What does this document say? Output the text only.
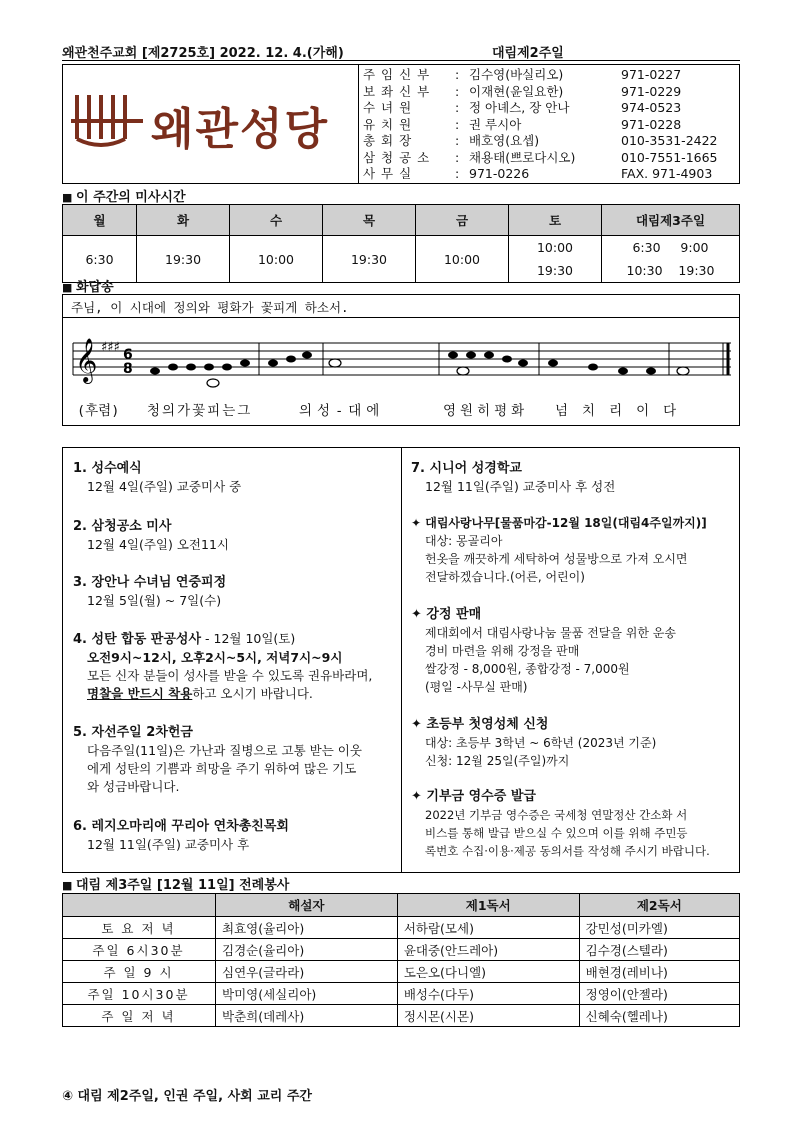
왜관천주교회 [제2725호] 2022. 12. 4.(가해)	대림제2주일
왜관성당
주 임 신 부	: 김수영(바실리오)	971-0227
보 좌 신 부	: 이재현(윤일요한)	971-0229
수 녀 원	: 정 아녜스, 장 안나	974-0523
유 치 원	: 권 루시아	971-0228
총 회 장	: 배호영(요셉)	010-3531-2422
삼 청 공 소	: 채용태(쁘로다시오)	010-7551-1665
사 무 실	: 971-0226	FAX. 971-4903
■ 이 주간의 미사시간
월	화	수	목	금	토	대림제3주일
6:30	19:30	10:00	19:30	10:00	10:00	6:30     9:00
					19:30	10:30    19:30
■ 화답송
주님, 이 시대에 정의와 평화가 꽃피게 하소서.
𝄞 ♯♯♯ 6
8
(후렴) 청의가꽃피는그	의성-대에	영원히평화 넘치리이다
1. 성수예식
12월 4일(주일) 교중미사 중
2. 삼청공소 미사
12월 4일(주일) 오전11시
3. 장안나 수녀님 연중피정
12월 5일(월) ~ 7일(수)
4. 성탄 합동 판공성사 - 12월 10일(토)
오전9시~12시, 오후2시~5시, 저녁7시~9시
모든 신자 분들이 성사를 받을 수 있도록 권유바라며,
명찰을 반드시 착용하고 오시기 바랍니다.
5. 자선주일 2차헌금
다음주일(11일)은 가난과 질병으로 고통 받는 이웃
에게 성탄의 기쁨과 희망을 주기 위하여 많은 기도
와 성금바랍니다.
6. 레지오마리애 꾸리아 연차총친목회
12월 11일(주일) 교중미사 후
7. 시니어 성경학교
12월 11일(주일) 교중미사 후 성전
✦ 대림사랑나무[물품마감-12월 18일(대림4주일까지)]
대상: 몽골리아
헌옷을 깨끗하게 세탁하여 성물방으로 가져 오시면
전달하겠습니다.(어른, 어린이)
✦ 강정 판매
제대회에서 대림사랑나눔 물품 전달을 위한 운송
경비 마련을 위해 강정을 판매
쌀강정 - 8,000원, 종합강정 - 7,000원
(평일 -사무실 판매)
✦ 초등부 첫영성체 신청
대상: 초등부 3학년 ~ 6학년 (2023년 기준)
신청: 12월 25일(주일)까지
✦ 기부금 영수증 발급
2022년 기부금 영수증은 국세청 연말정산 간소화 서
비스를 통해 발급 받으실 수 있으며 이를 위해 주민등
록번호 수집·이용·제공 동의서를 작성해 주시기 바랍니다.
■ 대림 제3주일 [12월 11일] 전례봉사
	해설자	제1독서	제2독서
토 요 저 녁	최효영(율리아)	서하람(모세)	강민성(미카엘)
주일 6시30분	김경순(율리아)	윤대중(안드레아)	김수경(스텔라)
주 일 9 시	심연우(글라라)	도은오(다니엘)	배현경(레비나)
주일 10시30분	박미영(세실리아)	배성수(다두)	정영이(안젤라)
주 일 저 녁	박춘희(데레사)	정시몬(시몬)	신혜숙(헬레나)
④ 대림 제2주일, 인권 주일, 사회 교리 주간
